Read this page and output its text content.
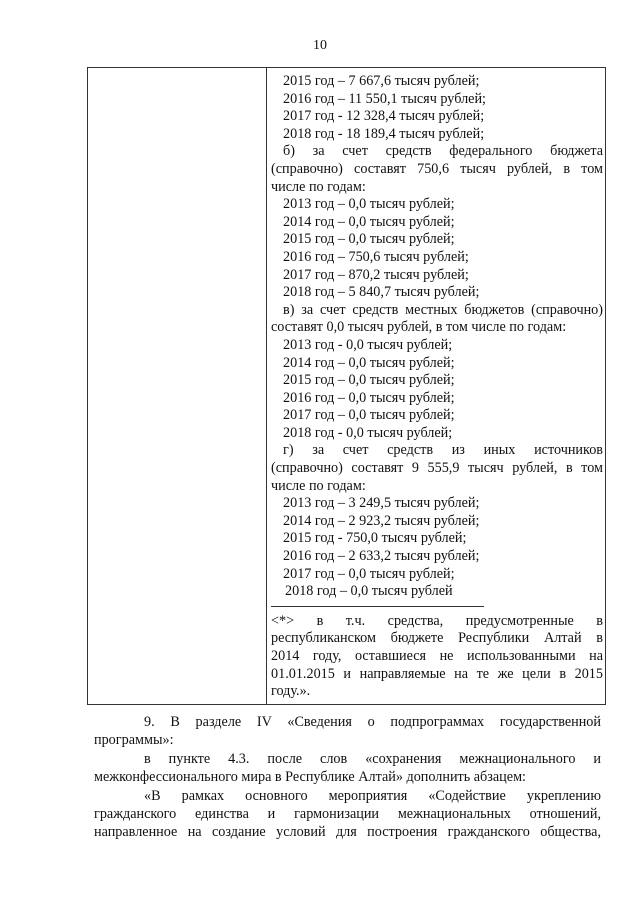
10
2015 год – 7 667,6 тысяч рублей;
2016 год – 11 550,1 тысяч рублей;
2017 год - 12 328,4 тысяч рублей;
2018 год - 18 189,4 тысяч рублей;
б) за счет средств федерального бюджета
(справочно) составят 750,6 тысяч рублей, в том
числе по годам:
2013 год – 0,0 тысяч рублей;
2014 год – 0,0 тысяч рублей;
2015 год – 0,0 тысяч рублей;
2016 год – 750,6 тысяч рублей;
2017 год – 870,2 тысяч рублей;
2018 год – 5 840,7 тысяч рублей;
в) за счет средств местных бюджетов (справочно)
составят 0,0 тысяч рублей, в том числе по годам:
2013 год - 0,0 тысяч рублей;
2014 год – 0,0 тысяч рублей;
2015 год – 0,0 тысяч рублей;
2016 год – 0,0 тысяч рублей;
2017 год – 0,0 тысяч рублей;
2018 год - 0,0 тысяч рублей;
г) за счет средств из иных источников
(справочно) составят 9 555,9 тысяч рублей, в том
числе по годам:
2013 год – 3 249,5 тысяч рублей;
2014 год – 2 923,2 тысяч рублей;
2015 год - 750,0 тысяч рублей;
2016 год – 2 633,2 тысяч рублей;
2017 год – 0,0 тысяч рублей;
2018 год – 0,0 тысяч рублей
<*> в т.ч. средства, предусмотренные в
республиканском бюджете Республики Алтай в
2014 году, оставшиеся не использованными на
01.01.2015 и направляемые на те же цели в 2015
году.».
9. В разделе IV «Сведения о подпрограммах государственной
программы»:
в пункте 4.3. после слов «сохранения межнационального и
межконфессионального мира в Республике Алтай» дополнить абзацем:
«В рамках основного мероприятия «Содействие укреплению
гражданского единства и гармонизации межнациональных отношений,
направленное на создание условий для построения гражданского общества,
